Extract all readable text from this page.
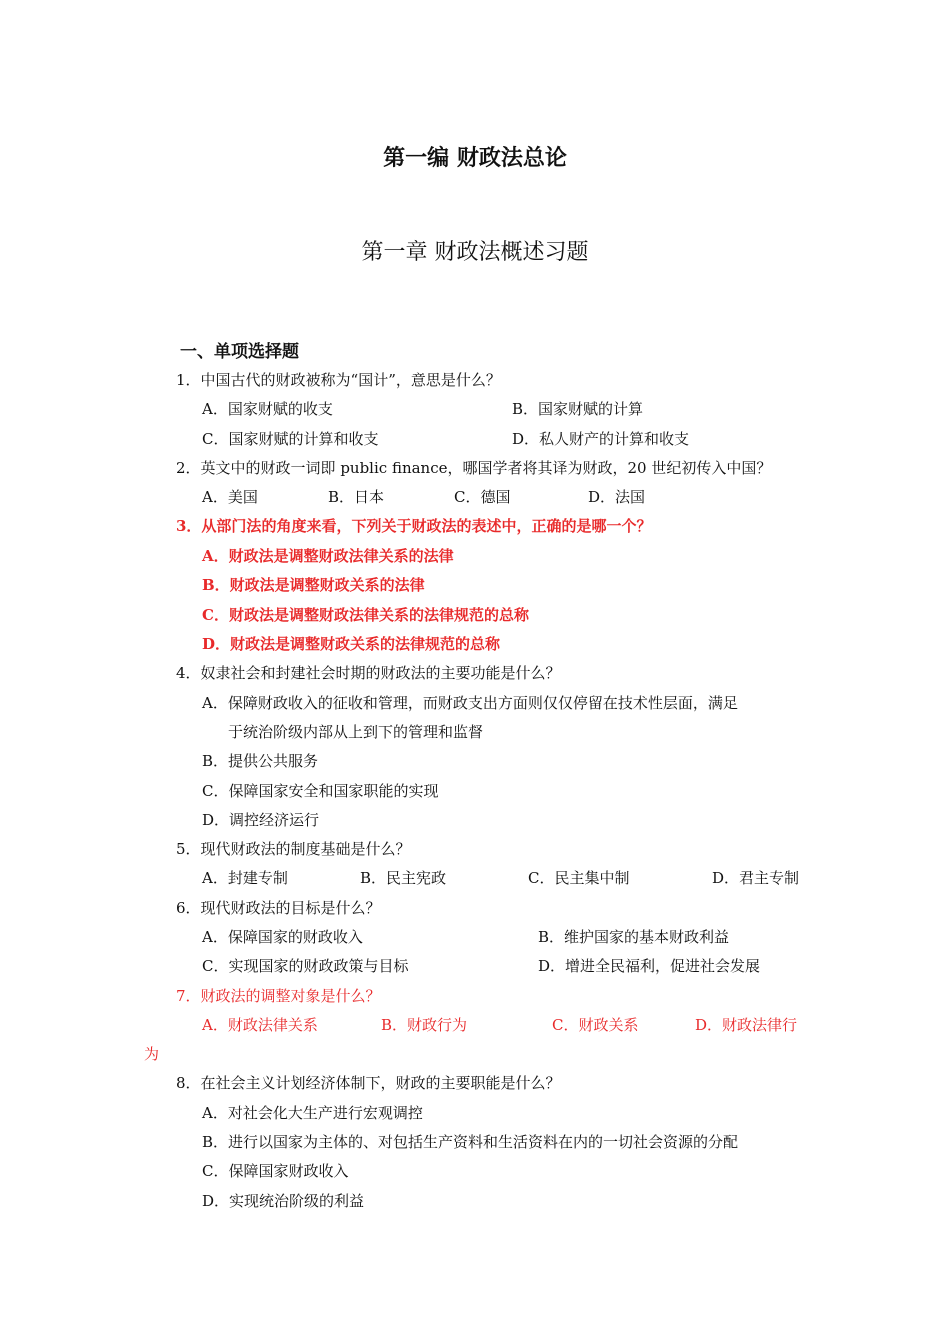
第一编 财政法总论
第一章 财政法概述习题
一、单项选择题
1．中国古代的财政被称为“国计”，意思是什么？
A．国家财赋的收支	B．国家财赋的计算
C．国家财赋的计算和收支	D．私人财产的计算和收支
2．英文中的财政一词即 public finance，哪国学者将其译为财政，20 世纪初传入中国？
A．美国	B．日本	C．德国	D．法国
3．从部门法的角度来看，下列关于财政法的表述中，正确的是哪一个？
A．财政法是调整财政法律关系的法律
B．财政法是调整财政关系的法律
C．财政法是调整财政法律关系的法律规范的总称
D．财政法是调整财政关系的法律规范的总称
4．奴隶社会和封建社会时期的财政法的主要功能是什么？
A．保障财政收入的征收和管理，而财政支出方面则仅仅停留在技术性层面，满足
于统治阶级内部从上到下的管理和监督
B．提供公共服务
C．保障国家安全和国家职能的实现
D．调控经济运行
5．现代财政法的制度基础是什么？
A．封建专制	B．民主宪政	C．民主集中制	D．君主专制
6．现代财政法的目标是什么？
A．保障国家的财政收入	B．维护国家的基本财政利益
C．实现国家的财政政策与目标	D．增进全民福利，促进社会发展
7．财政法的调整对象是什么？
A．财政法律关系	B．财政行为	C．财政关系	D．财政法律行
为
8．在社会主义计划经济体制下，财政的主要职能是什么？
A．对社会化大生产进行宏观调控
B．进行以国家为主体的、对包括生产资料和生活资料在内的一切社会资源的分配
C．保障国家财政收入
D．实现统治阶级的利益
